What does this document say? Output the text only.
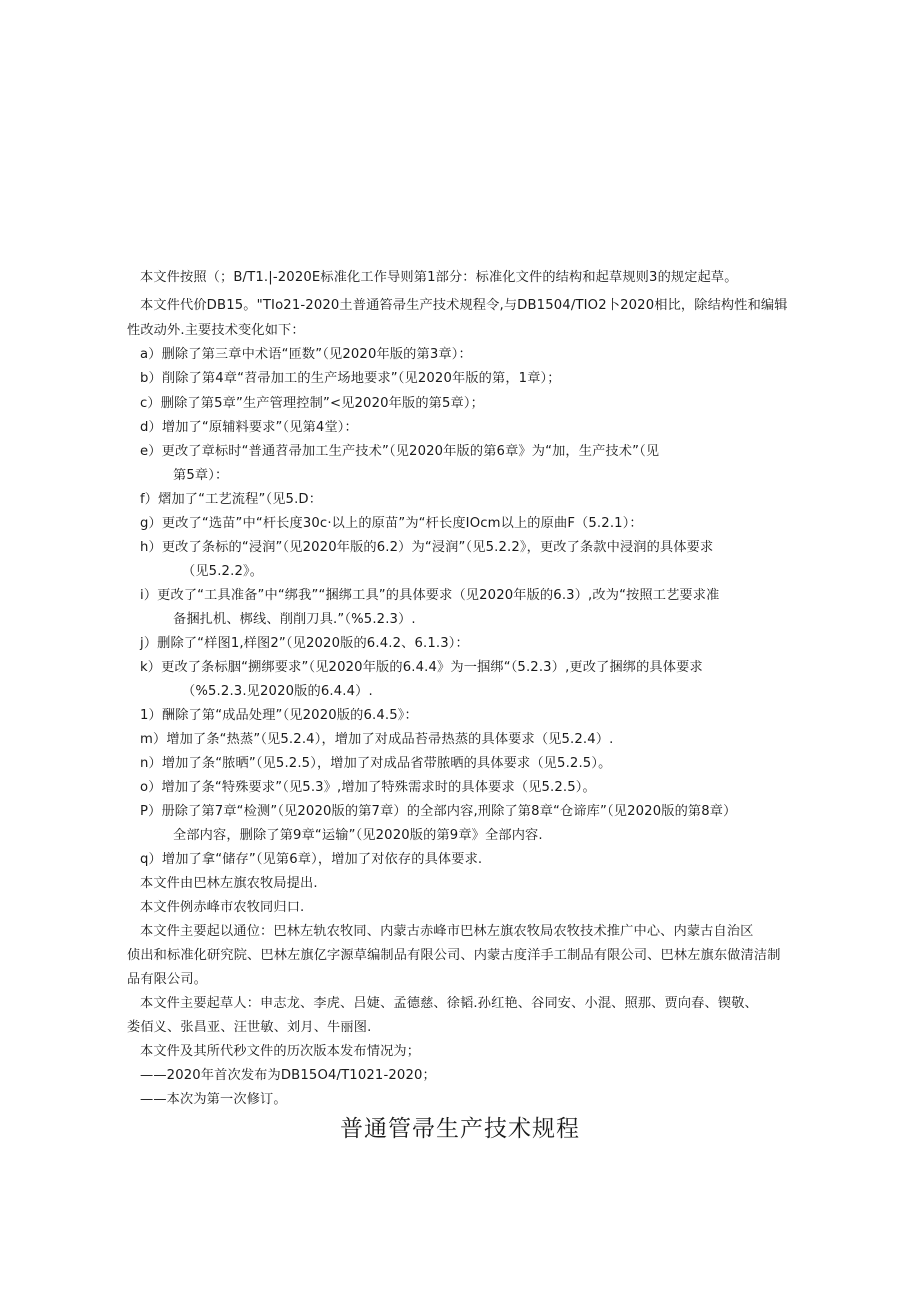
本文件按照（；B/T1.|-2020E标准化工作导则第1部分：标准化文件的结构和起草规则3的规定起草。
本文件代价DB15。"TIo21-2020土普通笞帚生产技术规程令,与DB1504∕TIO2卜2020相比，除结构性和编辑
性改动外.主要技术变化如下：
a）删除了第三章中术语“匝数”（见2020年版的第3章）：
b）削除了第4章“苕帚加工的生产场地要求”（见2020年版的第，1章）；
c）删除了第5章”生产管理控制”<见2020年版的第5章）；
d）增加了“原辅料要求”（见第4堂）：
e）更改了章标时“普通苕帚加工生产技术”（见2020年版的第6章》为“加，生产技术”（见
第5章）：
f）熠加了“工艺流程”（见5.D：
g）更改了“选苗”中“杆长度30c·以上的原苗”为“杆长度IOcm以上的原曲F（5.2.1）：
h）更改了条标的“浸润”（见2020年版的6.2）为“浸润”（见5.2.2》，更改了条款中浸润的具体要求
（见5.2.2》。
i）更改了“工具准备”中“绑我”“捆绑工具”的具体要求（见2020年版的6.3）,改为“按照工艺要求准
备捆扎机、梆线、削削刀具.”（%5.2.3）.
j）删除了“样图1,样图2”（见2020版的6.4.2、6.1.3）：
k）更改了条标胭“搠绑要求”（见2020年版的6.4.4》为一掴绑“（5.2.3）,更改了捆绑的具体要求
（%5.2.3.见2020版的6.4.4）.
1）酬除了第“成品处理”（见2020版的6.4.5》：
m）增加了条“热蒸”（见5.2.4），增加了对成品苔帚热蒸的具体要求（见5.2.4）.
n）增加了条“脓晒”（见5.2.5），增加了对成品省带脓晒的具体要求（见5.2.5）。
o）增加了条“特殊要求”（见5.3》,增加了特殊需求时的具体要求（见5.2.5）。
P）册除了第7章“检测”（见2020版的第7章）的全部内容,刑除了第8章“仓谛库”（见2020版的第8章）
全部内容，删除了第9章“运输”（见2020版的第9章》全部内容.
q）增加了拿“储存”（见第6章），增加了对依存的具体要求.
本文件由巴林左旗农牧局提出.
本文件例赤峰市农牧同归口.
本文件主要起以通位：巴林左轨农牧同、内蒙古赤峰市巴林左旗农牧局农牧技术推广中心、内蒙古自治区
侦出和标准化研究院、巴林左旗亿字源草编制品有限公司、内蒙古度洋手工制品有限公司、巴林左旗东做清洁制
品有限公司。
本文件主要起草人：申志龙、李虎、吕婕、孟德慈、徐韬.孙红艳、谷同安、小混、照那、贾向春、锲敬、
娄佰义、张昌亚、汪世敏、刘月、牛丽图.
本文件及其所代秒文件的历次版本发布情况为；
——2020年首次发布为DB15O4/T1021-2020；
——本次为第一次修订。
普通管帚生产技术规程
